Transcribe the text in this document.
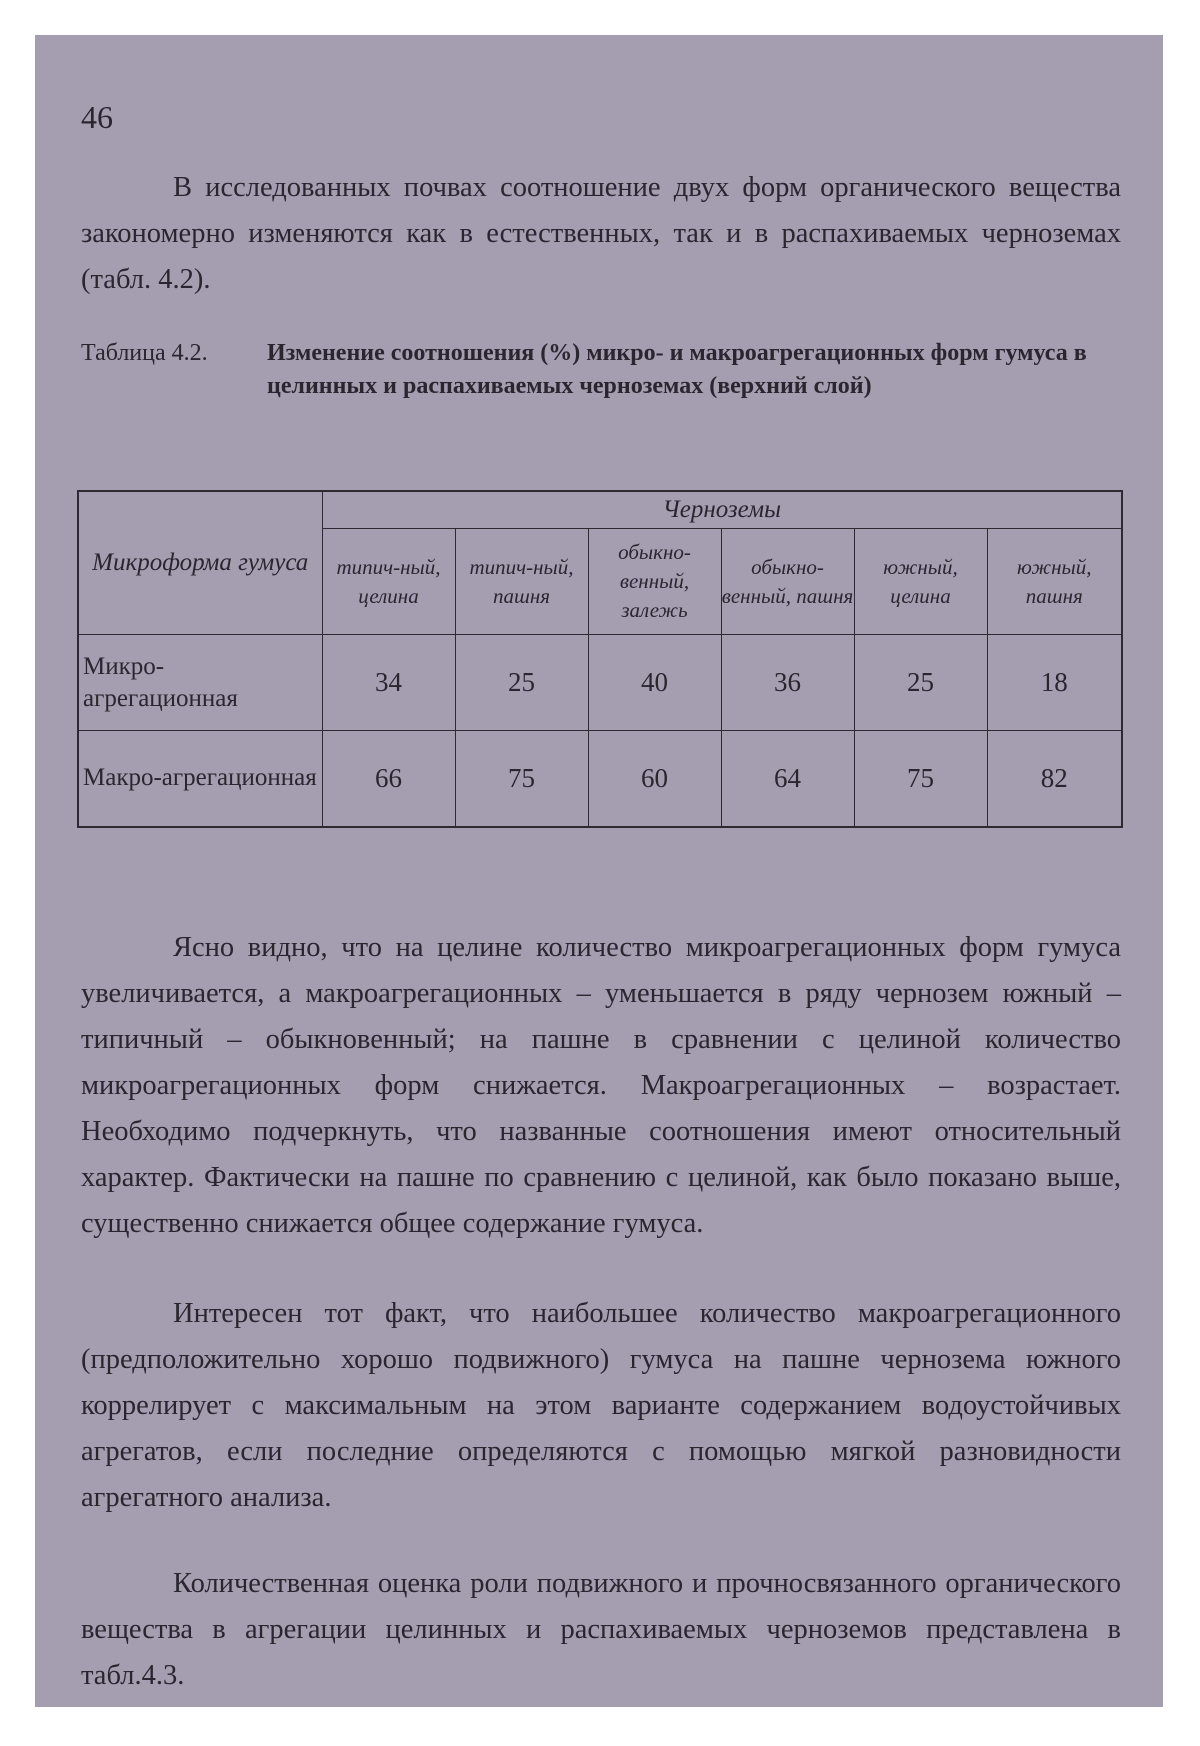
46

В исследованных почвах соотношение двух форм органического вещества закономерно изменяются как в естественных, так и в распахиваемых черноземах (табл. 4.2).

Таблица 4.2.	Изменение соотношения (%) микро- и макроагрегационных форм гумуса в целинных и распахиваемых черноземах (верхний слой)
Микроформа гумуса	Черноземы					
	типич-ный, целина	типич-ный, пашня	обыкно-венный, залежь	обыкно-венный, пашня	южный, целина	южный, пашня
Микро-агрегационная	34	25	40	36	25	18
Макро-агрегационная	66	75	60	64	75	82

Ясно видно, что на целине количество микроагрегационных форм гумуса увеличивается, а макроагрегационных – уменьшается в ряду чернозем южный – типичный – обыкновенный; на пашне в сравнении с целиной количество микроагрегационных форм снижается. Макроагрегационных – возрастает. Необходимо подчеркнуть, что названные соотношения имеют относительный характер. Фактически на пашне по сравнению с целиной, как было показано выше, существенно снижается общее содержание гумуса.

Интересен тот факт, что наибольшее количество макроагрегационного (предположительно хорошо подвижного) гумуса на пашне чернозема южного коррелирует с максимальным на этом варианте содержанием водоустойчивых агрегатов, если последние определяются с помощью мягкой разновидности агрегатного анализа.

Количественная оценка роли подвижного и прочносвязанного органического вещества в агрегации целинных и распахиваемых черноземов представлена в табл.4.3.
